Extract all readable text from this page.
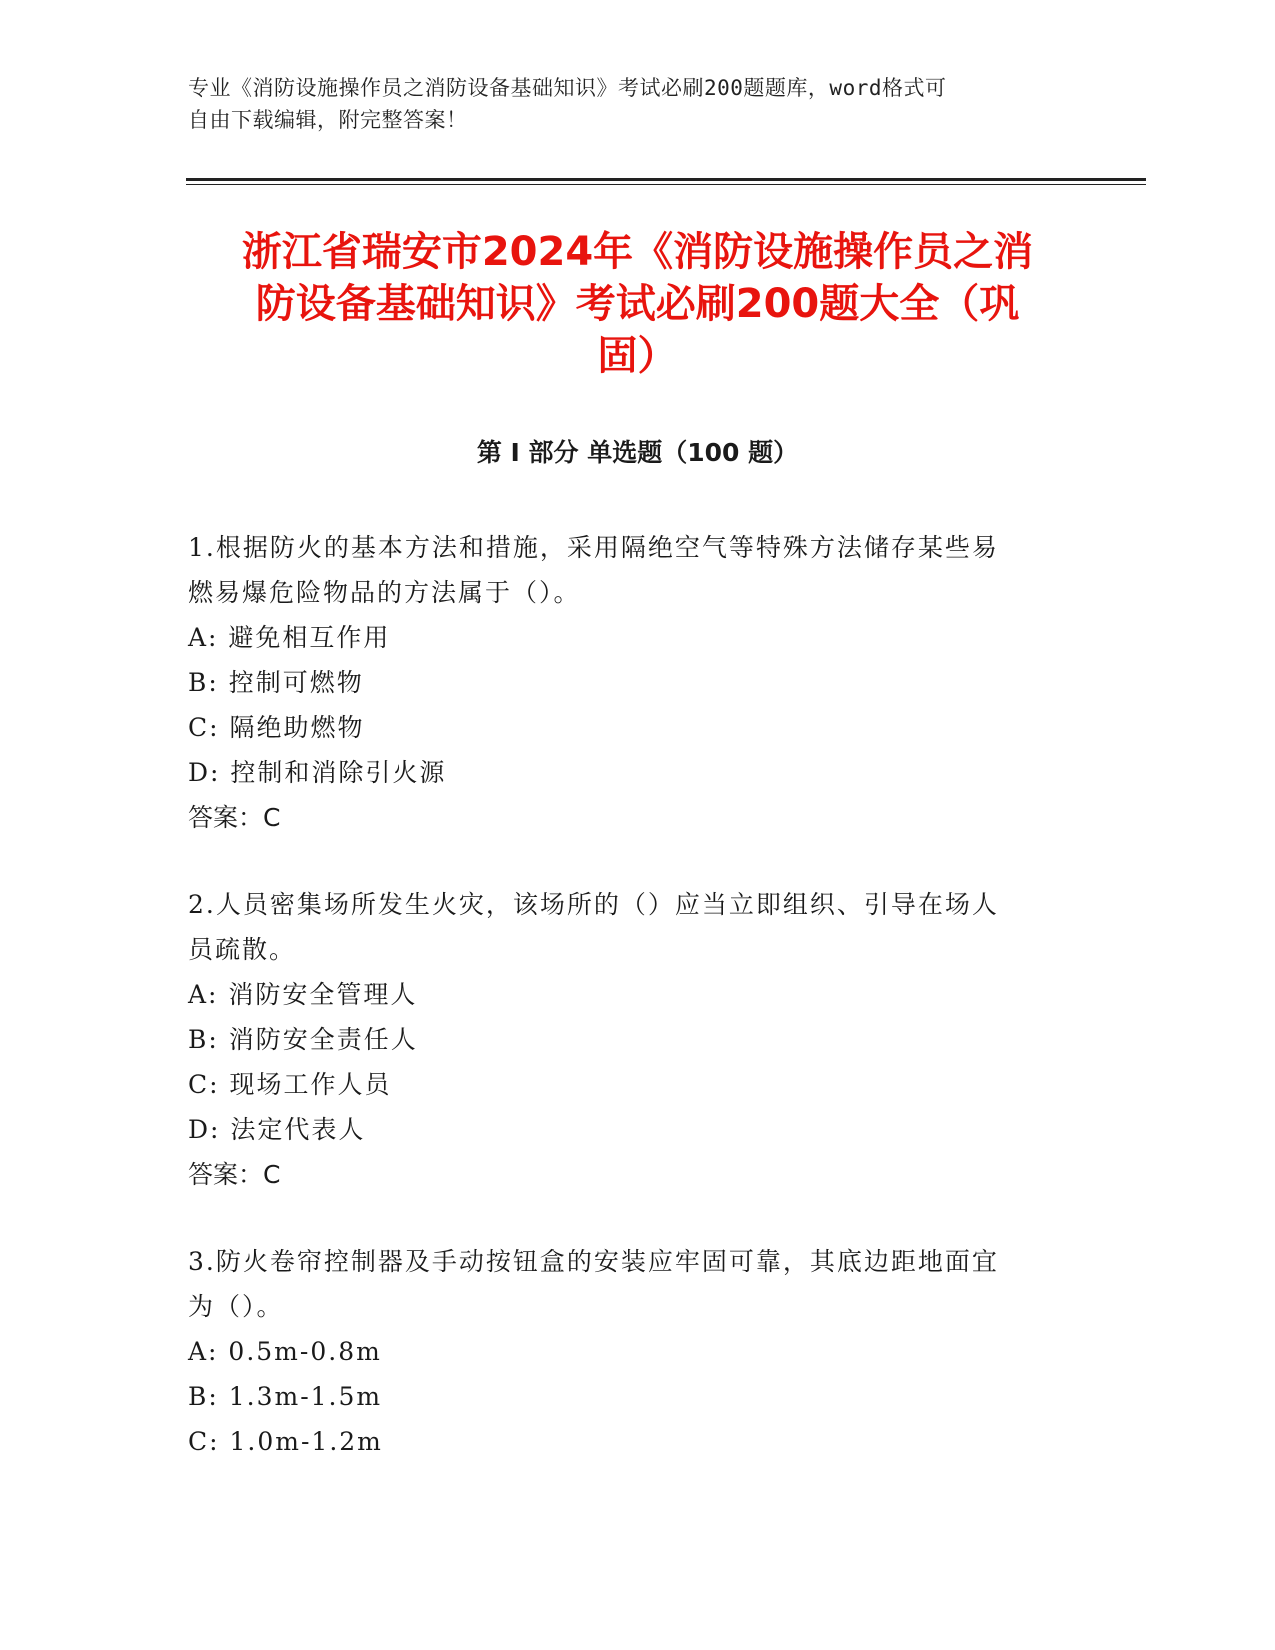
专业《消防设施操作员之消防设备基础知识》考试必刷200题题库，word格式可
自由下载编辑，附完整答案！
浙江省瑞安市2024年《消防设施操作员之消
防设备基础知识》考试必刷200题大全（巩
固）
第 I 部分 单选题（100 题）
1.根据防火的基本方法和措施，采用隔绝空气等特殊方法储存某些易
燃易爆危险物品的方法属于（）。
A: 避免相互作用
B: 控制可燃物
C: 隔绝助燃物
D: 控制和消除引火源
答案：C
2.人员密集场所发生火灾，该场所的（）应当立即组织、引导在场人
员疏散。
A: 消防安全管理人
B: 消防安全责任人
C: 现场工作人员
D: 法定代表人
答案：C
3.防火卷帘控制器及手动按钮盒的安装应牢固可靠，其底边距地面宜
为（）。
A: 0.5m-0.8m
B: 1.3m-1.5m
C: 1.0m-1.2m
